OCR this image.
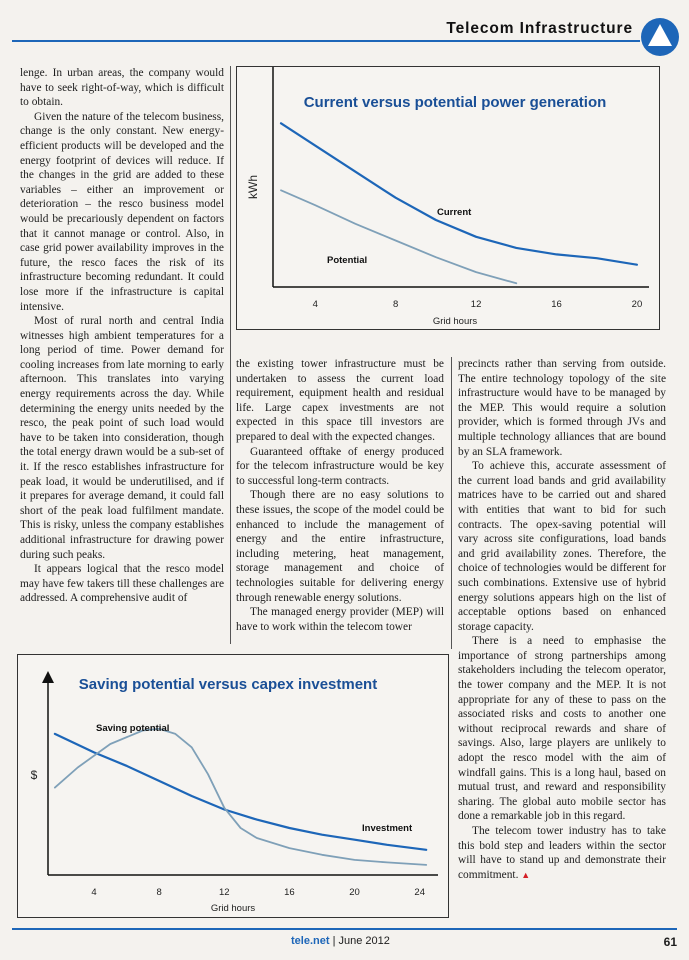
Telecom Infrastructure
Current versus potential power generation
kWh
Grid hours
4	8	12	16	20
Current
Potential

lenge. In urban areas, the company would have to seek right-of-way, which is difficult to obtain.

Given the nature of the telecom business, change is the only constant. New energy-efficient products will be developed and the energy footprint of devices will reduce. If the changes in the grid are added to these variables – either an improvement or deterioration – the resco business model would be precariously dependent on factors that it cannot manage or control. Also, in case grid power availability improves in the future, the resco faces the risk of its infrastructure becoming redundant. It could lose more if the infrastructure is capital intensive.

Most of rural north and central India witnesses high ambient temperatures for a long period of time. Power demand for cooling increases from late morning to early afternoon. This translates into varying energy requirements across the day. While determining the energy units needed by the resco, the peak point of such load would have to be taken into consideration, though the total energy drawn would be a sub-set of it. If the resco establishes infrastructure for peak load, it would be underutilised, and if it prepares for average demand, it could fall short of the peak load fulfilment mandate. This is risky, unless the company establishes additional infrastructure for drawing power during such peaks.

It appears logical that the resco model may have few takers till these challenges are addressed. A comprehensive audit of

the existing tower infrastructure must be undertaken to assess the current load requirement, equipment health and residual life. Large capex investments are not expected in this space till investors are prepared to deal with the expected changes.

Guaranteed offtake of energy produced for the telecom infrastructure would be key to successful long-term contracts.

Though there are no easy solutions to these issues, the scope of the model could be enhanced to include the management of energy and the entire infrastructure, including metering, heat management, storage management and choice of technologies suitable for delivering energy through renewable energy solutions.

The managed energy provider (MEP) will have to work within the telecom tower

precincts rather than serving from outside. The entire technology topology of the site infrastructure would have to be managed by the MEP. This would require a solution provider, which is formed through JVs and multiple technology alliances that are bound by an SLA framework.

To achieve this, accurate assessment of the current load bands and grid availability matrices have to be carried out and shared with entities that want to bid for such contracts. The opex-saving potential will vary across site configurations, load bands and grid availability zones. Therefore, the choice of technologies would be different for such combinations. Extensive use of hybrid energy solutions appears high on the list of acceptable options based on enhanced storage capacity.

There is a need to emphasise the importance of strong partnerships among stakeholders including the telecom operator, the tower company and the MEP. It is not appropriate for any of these to pass on the associated risks and costs to another one without reciprocal rewards and share of savings. Also, large players are unlikely to adopt the resco model with the aim of windfall gains. This is a long haul, based on mutual trust, and reward and responsibility sharing. The global auto mobile sector has done a remarkable job in this regard.

The telecom tower industry has to take this bold step and leaders within the sector will have to stand up and demonstrate their commitment. ▲

Saving potential versus capex investment
$
Grid hours
4	8	12	16	20	24
Saving potential
Investment
tele.net | June 2012	61
